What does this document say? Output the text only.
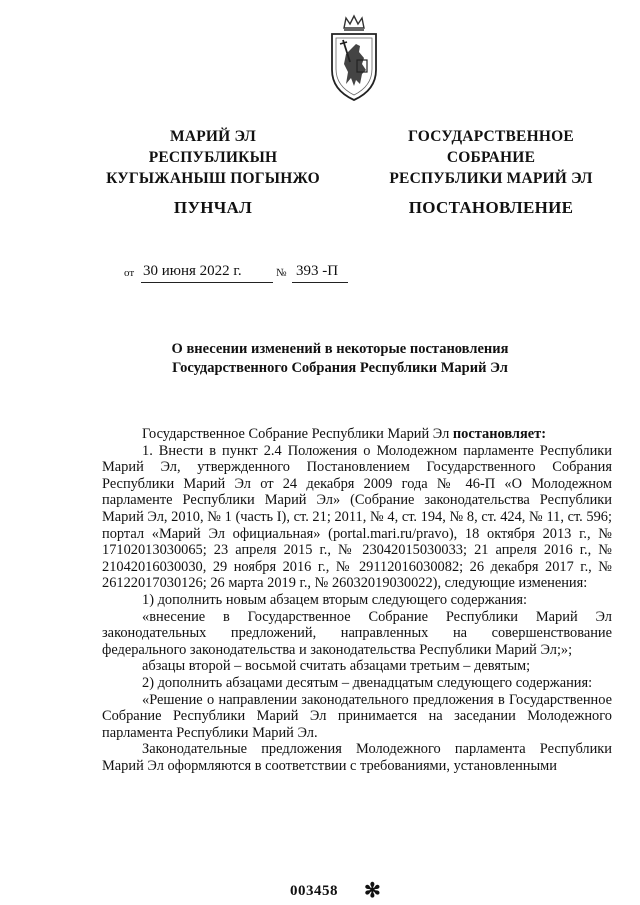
МАРИЙ ЭЛ
РЕСПУБЛИКЫН
КУГЫЖАНЫШ ПОГЫНЖО
ГОСУДАРСТВЕННОЕ
СОБРАНИЕ
РЕСПУБЛИКИ МАРИЙ ЭЛ
ПУНЧАЛ	ПОСТАНОВЛЕНИЕ
от 30 июня 2022 г.	№ 393 -П
О внесении изменений в некоторые постановления
Государственного Собрания Республики Марий Эл

Государственное Собрание Республики Марий Эл постановляет:

1. Внести в пункт 2.4 Положения о Молодежном парламенте Республики Марий Эл, утвержденного Постановлением Государственного Собрания Республики Марий Эл от 24 декабря 2009 года № 46-П «О Молодежном парламенте Республики Марий Эл» (Собрание законодательства Республики Марий Эл, 2010, № 1 (часть I), ст. 21; 2011, № 4, ст. 194, № 8, ст. 424, № 11, ст. 596; портал «Марий Эл официальная» (portal.mari.ru/pravo), 18 октября 2013 г., № 17102013030065; 23 апреля 2015 г., № 23042015030033; 21 апреля 2016 г., № 21042016030030, 29 ноября 2016 г., № 29112016030082; 26 декабря 2017 г., № 26122017030126; 26 марта 2019 г., № 26032019030022), следующие изменения:

1) дополнить новым абзацем вторым следующего содержания:

«внесение в Государственное Собрание Республики Марий Эл законодательных предложений, направленных на совершенствование федерального законодательства и законодательства Республики Марий Эл;»;

абзацы второй – восьмой считать абзацами третьим – девятым;

2) дополнить абзацами десятым – двенадцатым следующего содержания:

«Решение о направлении законодательного предложения в Государственное Собрание Республики Марий Эл принимается на заседании Молодежного парламента Республики Марий Эл.

Законодательные предложения Молодежного парламента Республики Марий Эл оформляются в соответствии с требованиями, установленными

003458 ✻
